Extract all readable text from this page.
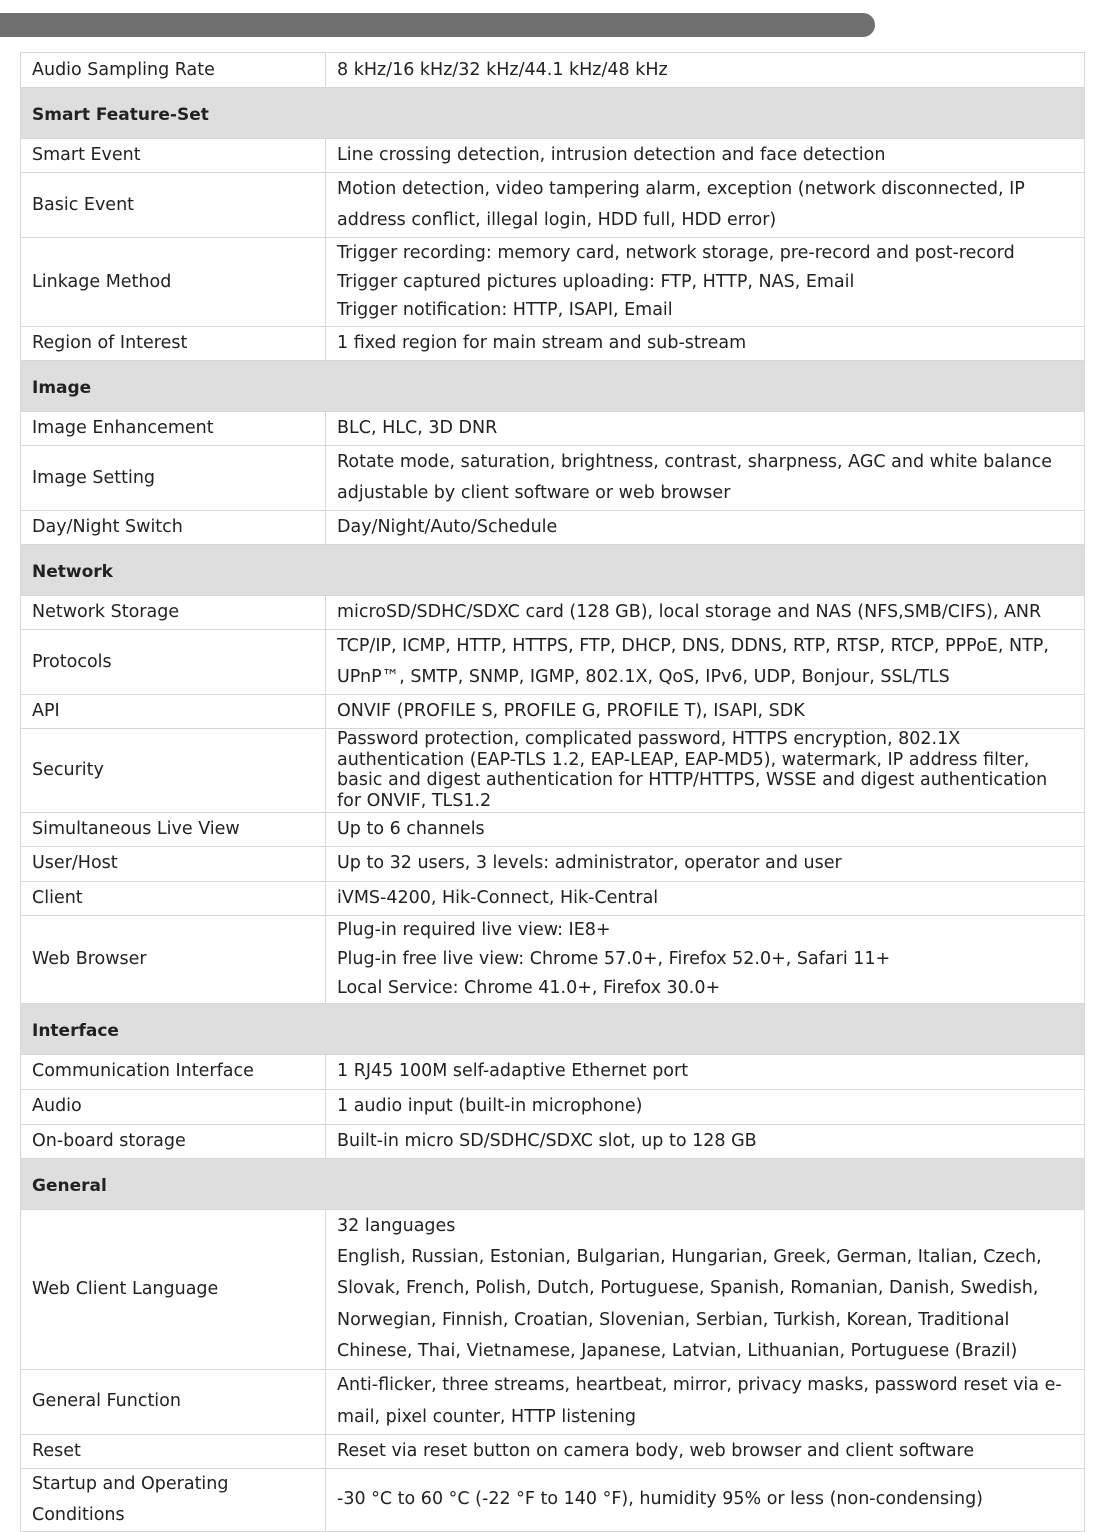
Audio Sampling Rate	8 kHz/16 kHz/32 kHz/44.1 kHz/48 kHz

Smart Feature-Set	
Smart Event	Line crossing detection, intrusion detection and face detection

Basic Event	Motion detection, video tampering alarm, exception (network disconnected, IP address conflict, illegal login, HDD full, HDD error)

Linkage Method	Trigger recording: memory card, network storage, pre-record and post-record
Trigger captured pictures uploading: FTP, HTTP, NAS, Email
Trigger notification: HTTP, ISAPI, Email

Region of Interest	1 fixed region for main stream and sub-stream

Image	
Image Enhancement	BLC, HLC, 3D DNR

Image Setting	Rotate mode, saturation, brightness, contrast, sharpness, AGC and white balance adjustable by client software or web browser

Day/Night Switch	Day/Night/Auto/Schedule

Network	
Network Storage	microSD/SDHC/SDXC card (128 GB), local storage and NAS (NFS,SMB/CIFS), ANR

Protocols	TCP/IP, ICMP, HTTP, HTTPS, FTP, DHCP, DNS, DDNS, RTP, RTSP, RTCP, PPPoE, NTP, UPnP™, SMTP, SNMP, IGMP, 802.1X, QoS, IPv6, UDP, Bonjour, SSL/TLS

API	ONVIF (PROFILE S, PROFILE G, PROFILE T), ISAPI, SDK

Security	Password protection, complicated password, HTTPS encryption, 802.1X authentication (EAP-TLS 1.2, EAP-LEAP, EAP-MD5), watermark, IP address filter, basic and digest authentication for HTTP/HTTPS, WSSE and digest authentication for ONVIF, TLS1.2

Simultaneous Live View	Up to 6 channels

User/Host	Up to 32 users, 3 levels: administrator, operator and user

Client	iVMS-4200, Hik-Connect, Hik-Central

Web Browser	Plug-in required live view: IE8+
Plug-in free live view: Chrome 57.0+, Firefox 52.0+, Safari 11+
Local Service: Chrome 41.0+, Firefox 30.0+

Interface	
Communication Interface	1 RJ45 100M self-adaptive Ethernet port

Audio	1 audio input (built-in microphone)

On-board storage	Built-in micro SD/SDHC/SDXC slot, up to 128 GB

General	
Web Client Language	32 languages
English, Russian, Estonian, Bulgarian, Hungarian, Greek, German, Italian, Czech, Slovak, French, Polish, Dutch, Portuguese, Spanish, Romanian, Danish, Swedish, Norwegian, Finnish, Croatian, Slovenian, Serbian, Turkish, Korean, Traditional Chinese, Thai, Vietnamese, Japanese, Latvian, Lithuanian, Portuguese (Brazil)

General Function	Anti-flicker, three streams, heartbeat, mirror, privacy masks, password reset via e-mail, pixel counter, HTTP listening

Reset	Reset via reset button on camera body, web browser and client software

Startup and Operating Conditions	-30 °C to 60 °C (-22 °F to 140 °F), humidity 95% or less (non-condensing)
